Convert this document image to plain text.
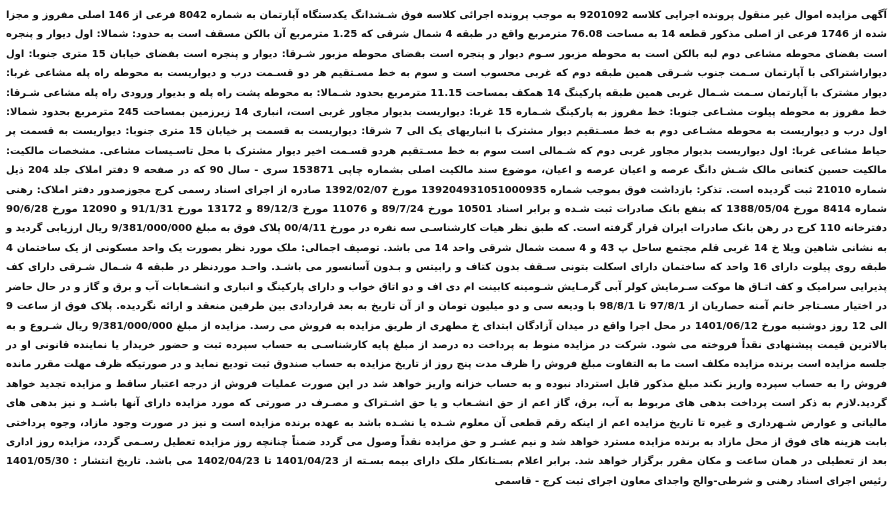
آگهی مزایده اموال غیر منقول پرونده اجرایی کلاسه 9201092 به موجب پرونده اجرائی کلاسه فوق شـشدانگ یکدستگاه آپارتمان به شماره 8042 فرعی از 146 اصلی مفروز و مجزا شده از 1746 فرعی از اصلی مذکور قطعه 14 به مساحت 76.08 مترمربع واقع در طبقه 4 شمال شرقی که 1.25 مترمربع آن بالکن مسقف است به حدود: شمالا: اول دیوار و پنجره است بفضای محوطه مشاعی دوم لبه بالکن است به محوطه مزبور سـوم دیوار و پنجره است بفضای محوطه مزبور شـرقا: دیوار و پنجره است بفضای خیابان 15 متری جنوبا: اول دیواراشتراکی با آپارتمان سـمت جنوب شـرقی همین طبقه دوم که غربی محسوب است و سوم به خط مسـتقیم هر دو قسـمت درب و دیواریست به محوطه راه پله مشاعی غربا: دیوار مشترک با آپارتمان سـمت شـمال غربی همین طبقه پارکینگ 14 همکف بمساحت 11.15 مترمربع بحدود شـمالا: به محوطه پشت راه پله و بدیوار ورودی راه پله مشاعی شـرقا: خط مفروز به محوطه پیلوت مشـاعی جنوبا: خط مفروز به پارکینگ شـماره 15 غربا: دیواریست بدیوار مجاور غربی است، انباری 14 زیرزمین بمساحت 245 مترمربع بحدود شمالا: اول درب و دیواریست به محوطه مشـاعی دوم به خط مسـتقیم دیوار مشترک با انباریهای یک الی 7 شرقا: دیواریست به قسمت پر خیابان 15 متری جنوبا: دیواریست به قسمت پر حیاط مشاعی غربا: اول دیواریست بدیوار مجاور غربی دوم که شـمالی است سوم به خط مسـتقیم هردو قسـمت اخیر دیوار مشترک با محل تاسـیسات مشاعی. مشخصات مالکیت: مالکیت حسین کتعانی مالک شـش دانگ عرصه و اعیان عرصه و اعیان، موضوع سند مالکیت اصلی بشماره چاپی 153871 سری - سال 90 که در صفحه 9 دفتر املاک جلد 204 ذیل شماره 21010 ثبت گردیده است. تذکر: بازداشت فوق بموجب شماره 139204931051000935 مورخ 1392/02/07 صادره از اجرای اسناد رسمی کرج مجوزصدور دفتر املاک: رهنی شماره 8414 مورخ 1388/05/04 که بنفع بانک صادرات ثبت شـده و برابر اسناد 10501 مورخ 89/7/24 و 11076 مورخ 89/12/3 و 13172 مورخ 91/1/31 و 12090 مورخ 90/6/28 دفترخانه 110 کرج در رهن بانک صادرات ایران قرار گرفته است. که طبق نظر هیات کارشناسـی سه نفره در مورخ 00/4/11 پلاک فوق به مبلغ 9/381/000/000 ریال ارزیابی گردید و به نشانی شاهین ویلا خ 14 غربی قلم مجتمع ساحل پ 43 و 4 سمت شمال شرقی واحد 14 می باشد. توصیف اجمالی: ملک مورد نظر بصورت یک واحد مسکونی از یک ساختمان 4 طبقه روی پیلوت دارای 16 واحد که ساختمان دارای اسکلت بتونی سـقف بدون کتاف و رابیتس و بـدون آسانسور می باشـد. واحـد موردنظر در طبقه 4 شـمال شـرقی دارای کف پذیرایی سرامیک و کف اتـاق ها موکت سـرمایش کولر آبی گرمـایش شـومینه کابینت ام دی اف و دو اتاق خواب و دارای پارکینگ و انباری و انشـعابات آب و برق و گاز و در حال حاضر در اختیار مسـتاجر خانم آمنه حصاریان از 97/8/1 تا 98/8/1 با ودیعه سی و دو میلیون تومان و از آن تاریخ به بعد قراردادی بین طرفین منعقد و ارائه نگردیده. پلاک فوق از ساعت 9 الی 12 روز دوشنبه مورخ 1401/06/12 در محل اجرا واقع در میدان آزادگان ابتدای خ مطهری از طریق مزایده به فروش می رسد. مزایده از مبلغ 9/381/000/000 ریال شـروع و به بالاترین قیمت پیشنهادی نقداً فروخته می شود. شرکت در مزایده منوط به پرداخت ده درصد از مبلغ پایه کارشناسـی به حساب سپرده ثبت و حضور خریدار یا نماینده قانونی او در جلسه مزایده است برنده مزایده مکلف است ما به التفاوت مبلغ فروش را ظرف مدت پنج روز از تاریخ مزایده به حساب صندوق ثبت تودیع نماید و در صورتیکه ظرف مهلت مقرر مانده فروش را به حساب سپرده واریز نکند مبلغ مذکور قابل استرداد نبوده و به حساب خزانه واریز خواهد شد در این صورت عملیات فروش از درجه اعتبار ساقط و مزایده تجدید خواهد گردید.لازم به ذکر است پرداخت بدهی های مربوط به آب، برق، گاز اعم از حق انشـعاب و یا حق اشـتراک و مصـرف در صورتی که مورد مزایده دارای آنها باشـد و نیز بدهی های مالیاتی و عوارض شـهرداری و غیره تا تاریخ مزایده اعم از اینکه رقم قطعی آن معلوم شـده یا نشـده باشد به عهده برنده مزایده است و نیز در صورت وجود مازاد، وجوه پرداختی بابت هزینه های فوق از محل مازاد به برنده مزایده مسترد خواهد شد و نیم عشـر و حق مزایده نقداً وصول می گردد ضمناً چنانچه روز مزایده تعطیل رسـمی گردد، مزایده روز اداری بعد از تعطیلی در همان ساعت و مکان مقرر برگزار خواهد شد. برابر اعلام بسـتانکار ملک دارای بیمه بسـته از 1401/04/23 تا 1402/04/23 می باشد. تاریخ انتشار : 1401/05/30 رئیس اجرای اسناد رهنی و شرطی-والح واجدای معاون اجرای ثبت کرج - قاسمی
